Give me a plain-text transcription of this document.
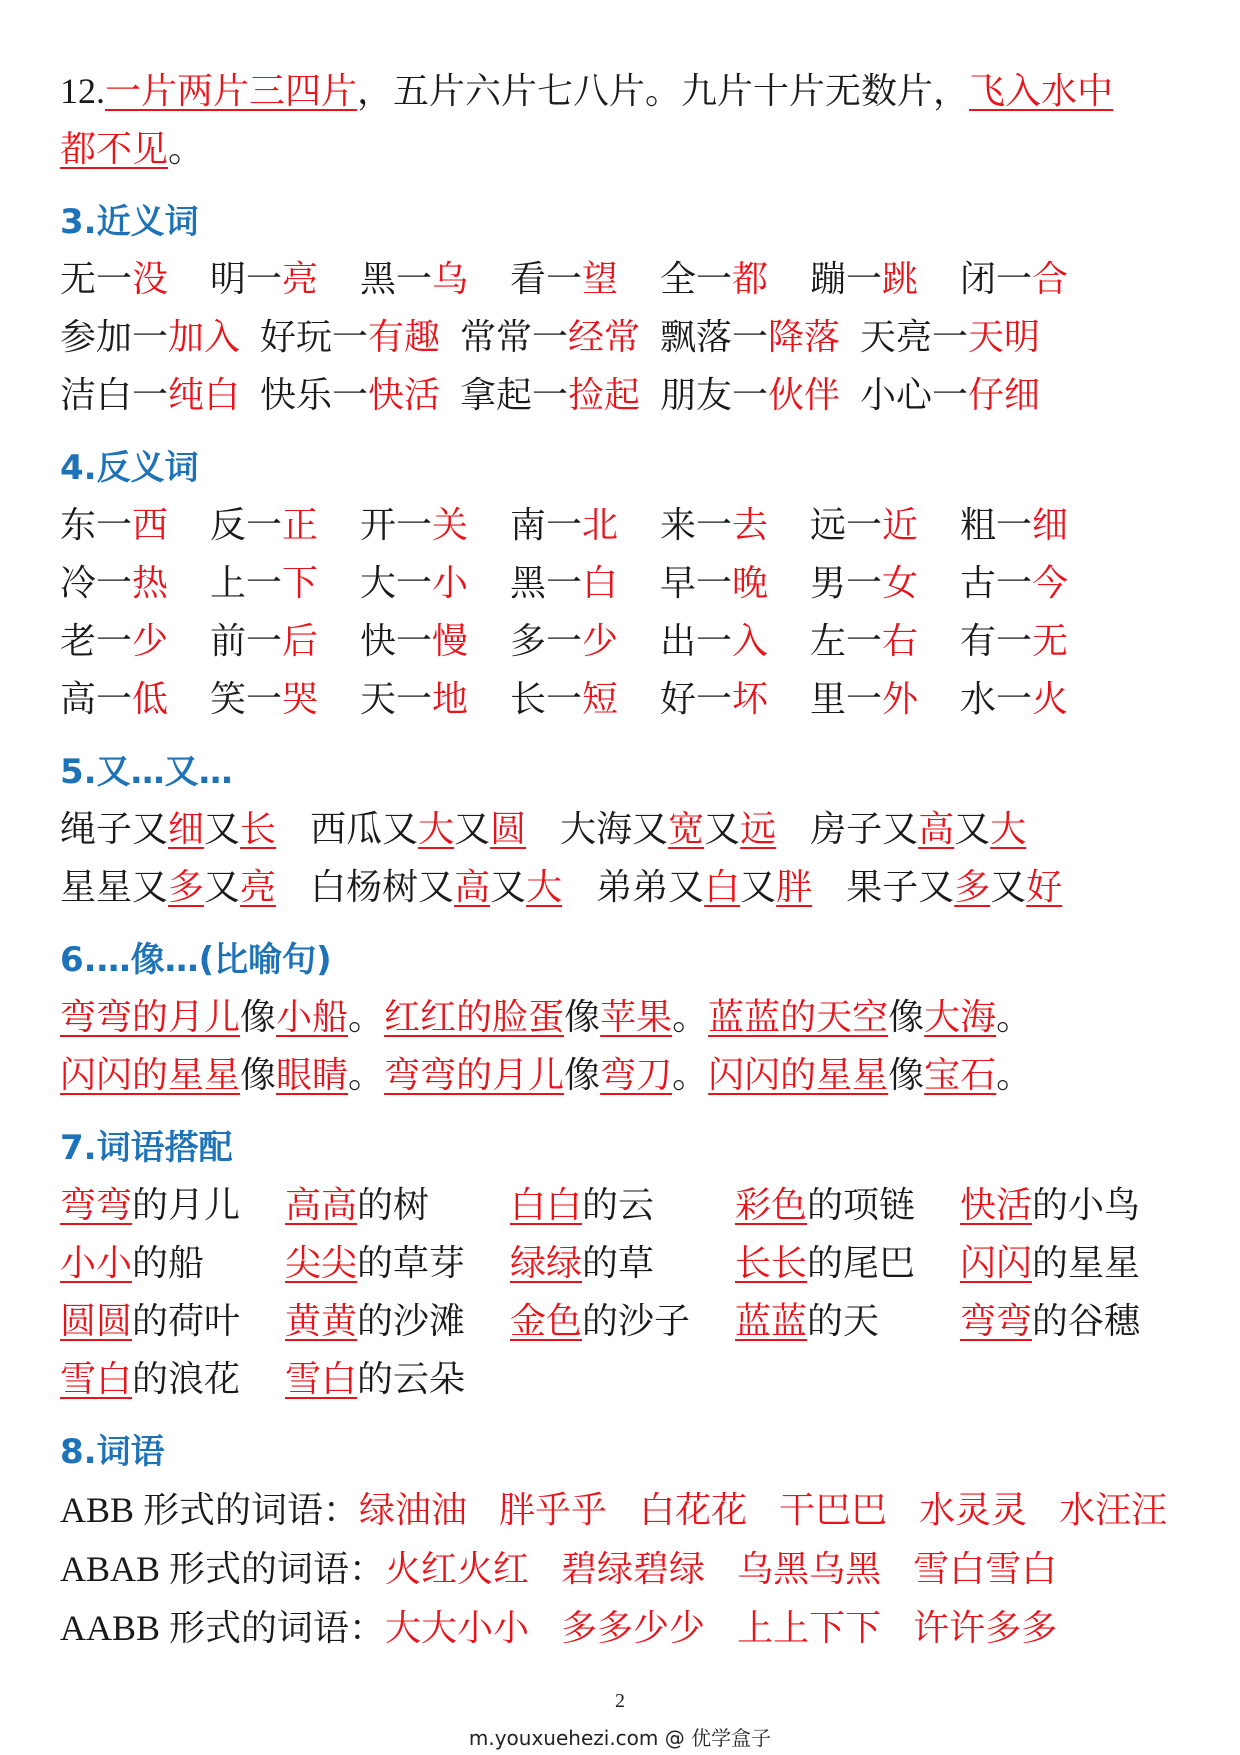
12.一片两片三四片，五片六片七八片。九片十片无数片，飞入水中
都不见。
3.近义词
无一没	明一亮	黑一乌	看一望	全一都	蹦一跳	闭一合
参加一加入 好玩一有趣 常常一经常 飘落一降落 天亮一天明
洁白一纯白 快乐一快活 拿起一捡起 朋友一伙伴 小心一仔细
4.反义词
东一西	反一正	开一关	南一北	来一去	远一近	粗一细
冷一热	上一下	大一小	黑一白	早一晚	男一女	古一今
老一少	前一后	快一慢	多一少	出一入	左一右	有一无
高一低	笑一哭	天一地	长一短	好一坏	里一外	水一火
5.又…又…
绳子又细又长 西瓜又大又圆 大海又宽又远 房子又高又大
星星又多又亮 白杨树又高又大 弟弟又白又胖 果子又多又好
6.…像…(比喻句)
弯弯的月儿像小船。红红的脸蛋像苹果。蓝蓝的天空像大海。
闪闪的星星像眼睛。弯弯的月儿像弯刀。闪闪的星星像宝石。
7.词语搭配
弯弯的月儿	高高的树	白白的云	彩色的项链	快活的小鸟
小小的船	尖尖的草芽	绿绿的草	长长的尾巴	闪闪的星星
圆圆的荷叶	黄黄的沙滩	金色的沙子	蓝蓝的天	弯弯的谷穗
雪白的浪花	雪白的云朵
8.词语
ABB 形式的词语：绿油油 胖乎乎 白花花 干巴巴 水灵灵 水汪汪
ABAB 形式的词语：火红火红 碧绿碧绿 乌黑乌黑 雪白雪白
AABB 形式的词语：大大小小 多多少少 上上下下 许许多多
2
m.youxuehezi.com @ 优学盒子
